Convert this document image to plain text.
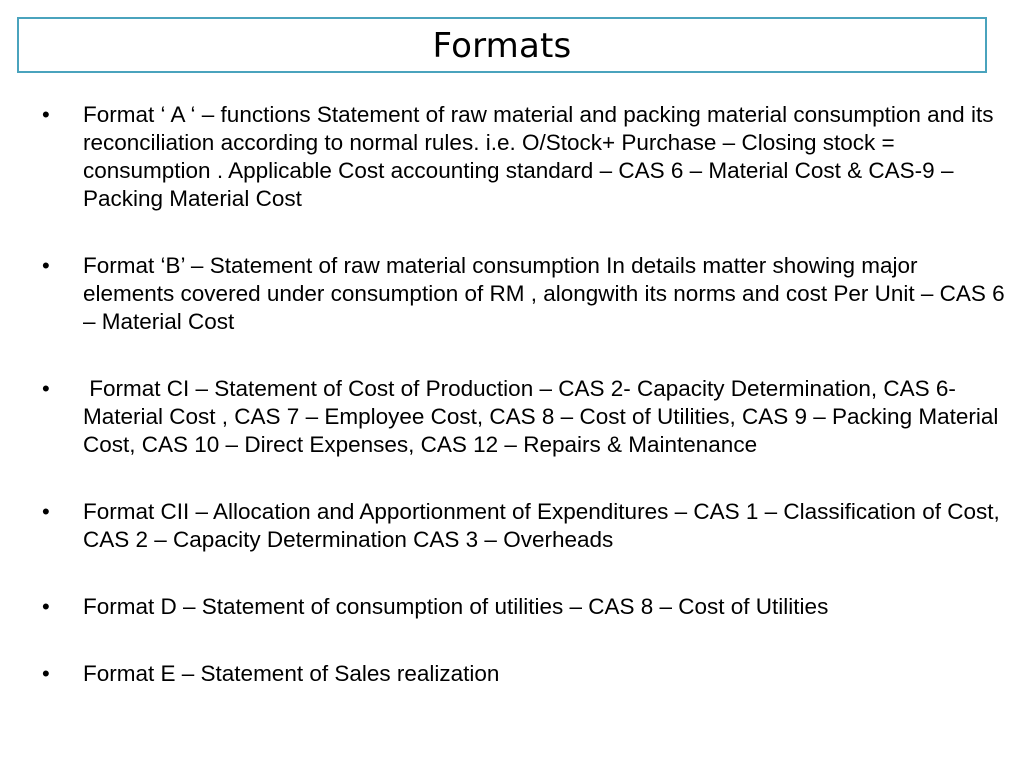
Formats
• Format ‘ A ‘ – functions Statement of raw material and packing material consumption and its reconciliation according to normal rules. i.e. O/Stock+ Purchase – Closing stock = consumption . Applicable Cost accounting standard – CAS 6 – Material Cost & CAS-9 – Packing Material Cost
• Format ‘B’ – Statement of raw material consumption In details matter showing major elements covered under consumption of RM , alongwith its norms and cost Per Unit – CAS 6 – Material Cost
• Format CI – Statement of Cost of Production – CAS 2- Capacity Determination, CAS 6- Material Cost , CAS 7 – Employee Cost, CAS 8 – Cost of Utilities, CAS 9 – Packing Material Cost, CAS 10 – Direct Expenses, CAS 12 – Repairs & Maintenance
• Format CII – Allocation and Apportionment of Expenditures – CAS 1 – Classification of Cost, CAS 2 – Capacity Determination CAS 3 – Overheads
• Format D – Statement of consumption of utilities – CAS 8 – Cost of Utilities
• Format E – Statement of Sales realization
